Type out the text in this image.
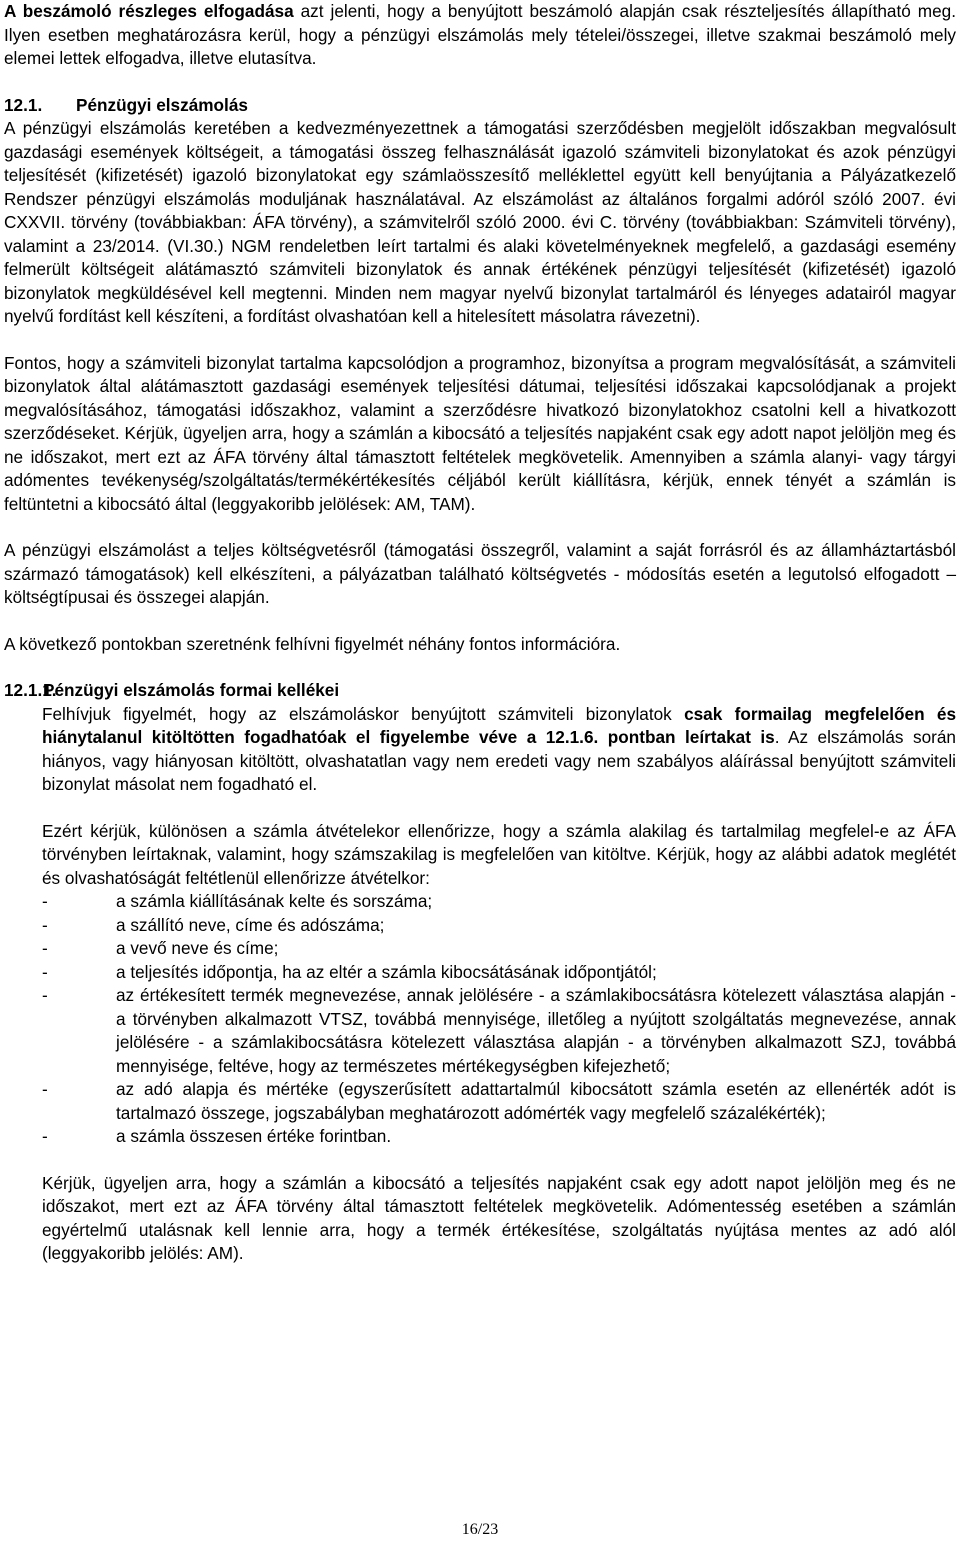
A beszámoló részleges elfogadása azt jelenti, hogy a benyújtott beszámoló alapján csak részteljesítés állapítható meg. Ilyen esetben meghatározásra kerül, hogy a pénzügyi elszámolás mely tételei/összegei, illetve szakmai beszámoló mely elemei lettek elfogadva, illetve elutasítva.

12.1. Pénzügyi elszámolás

A pénzügyi elszámolás keretében a kedvezményezettnek a támogatási szerződésben megjelölt időszakban megvalósult gazdasági események költségeit, a támogatási összeg felhasználását igazoló számviteli bizonylatokat és azok pénzügyi teljesítését (kifizetését) igazoló bizonylatokat egy számlaösszesítő melléklettel együtt kell benyújtania a Pályázatkezelő Rendszer pénzügyi elszámolás moduljának használatával. Az elszámolást az általános forgalmi adóról szóló 2007. évi CXXVII. törvény (továbbiakban: ÁFA törvény), a számvitelről szóló 2000. évi C. törvény (továbbiakban: Számviteli törvény), valamint a 23/2014. (VI.30.) NGM rendeletben leírt tartalmi és alaki követelményeknek megfelelő, a gazdasági esemény felmerült költségeit alátámasztó számviteli bizonylatok és annak értékének pénzügyi teljesítését (kifizetését) igazoló bizonylatok megküldésével kell megtenni. Minden nem magyar nyelvű bizonylat tartalmáról és lényeges adatairól magyar nyelvű fordítást kell készíteni, a fordítást olvashatóan kell a hitelesített másolatra rávezetni).

Fontos, hogy a számviteli bizonylat tartalma kapcsolódjon a programhoz, bizonyítsa a program megvalósítását, a számviteli bizonylatok által alátámasztott gazdasági események teljesítési dátumai, teljesítési időszakai kapcsolódjanak a projekt megvalósításához, támogatási időszakhoz, valamint a szerződésre hivatkozó bizonylatokhoz csatolni kell a hivatkozott szerződéseket. Kérjük, ügyeljen arra, hogy a számlán a kibocsátó a teljesítés napjaként csak egy adott napot jelöljön meg és ne időszakot, mert ezt az ÁFA törvény által támasztott feltételek megkövetelik. Amennyiben a számla alanyi- vagy tárgyi adómentes tevékenység/szolgáltatás/termékértékesítés céljából került kiállításra, kérjük, ennek tényét a számlán is feltüntetni a kibocsátó által (leggyakoribb jelölések: AM, TAM).

A pénzügyi elszámolást a teljes költségvetésről (támogatási összegről, valamint a saját forrásról és az államháztartásból származó támogatások) kell elkészíteni, a pályázatban található költségvetés - módosítás esetén a legutolsó elfogadott – költségtípusai és összegei alapján.

A következő pontokban szeretnénk felhívni figyelmét néhány fontos információra.

12.1.1.Pénzügyi elszámolás formai kellékei

Felhívjuk figyelmét, hogy az elszámoláskor benyújtott számviteli bizonylatok csak formailag megfelelően és hiánytalanul kitöltötten fogadhatóak el figyelembe véve a 12.1.6. pontban leírtakat is. Az elszámolás során hiányos, vagy hiányosan kitöltött, olvashatatlan vagy nem eredeti vagy nem szabályos aláírással benyújtott számviteli bizonylat másolat nem fogadható el.

Ezért kérjük, különösen a számla átvételekor ellenőrizze, hogy a számla alakilag és tartalmilag megfelel-e az ÁFA törvényben leírtaknak, valamint, hogy számszakilag is megfelelően van kitöltve. Kérjük, hogy az alábbi adatok meglétét és olvashatóságát feltétlenül ellenőrizze átvételkor:

-	a számla kiállításának kelte és sorszáma;
-	a szállító neve, címe és adószáma;
-	a vevő neve és címe;
-	a teljesítés időpontja, ha az eltér a számla kibocsátásának időpontjától;
-	az értékesített termék megnevezése, annak jelölésére - a számlakibocsátásra kötelezett választása alapján - a törvényben alkalmazott VTSZ, továbbá mennyisége, illetőleg a nyújtott szolgáltatás megnevezése, annak jelölésére - a számlakibocsátásra kötelezett választása alapján - a törvényben alkalmazott SZJ, továbbá mennyisége, feltéve, hogy az természetes mértékegységben kifejezhető;
-	az adó alapja és mértéke (egyszerűsített adattartalmúl kibocsátott számla esetén az ellenérték adót is tartalmazó összege, jogszabályban meghatározott adómérték vagy megfelelő százalékérték);
-	a számla összesen értéke forintban.

Kérjük, ügyeljen arra, hogy a számlán a kibocsátó a teljesítés napjaként csak egy adott napot jelöljön meg és ne időszakot, mert ezt az ÁFA törvény által támasztott feltételek megkövetelik. Adómentesség esetében a számlán egyértelmű utalásnak kell lennie arra, hogy a termék értékesítése, szolgáltatás nyújtása mentes az adó alól (leggyakoribb jelölés: AM).

16/23
